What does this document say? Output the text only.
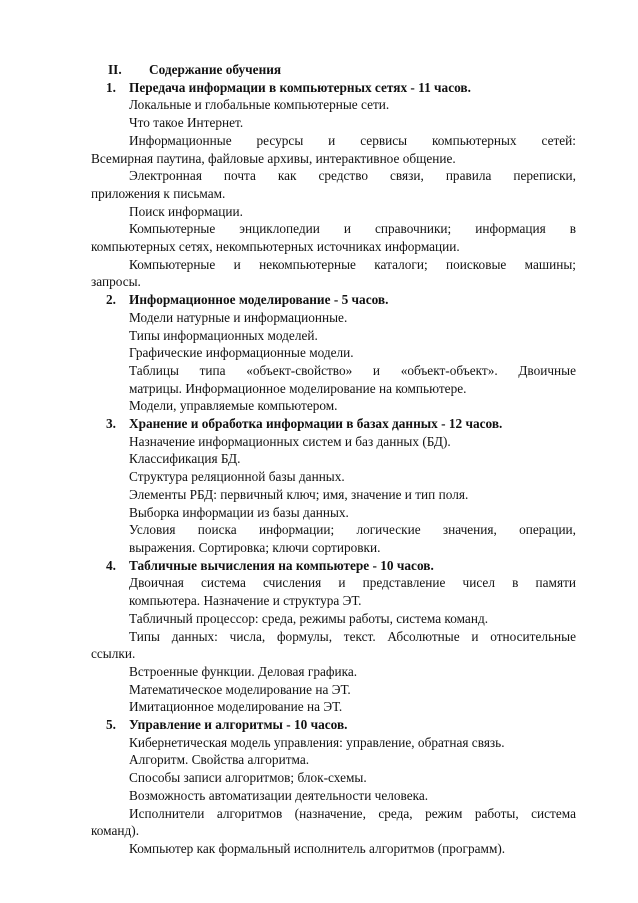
II. Содержание обучения
1. Передача информации в компьютерных сетях - 11 часов.
Локальные и глобальные компьютерные сети.
Что такое Интернет.
Информационные ресурсы и сервисы компьютерных сетей:
Всемирная паутина, файловые архивы, интерактивное общение.
Электронная почта как средство связи, правила переписки,
приложения к письмам.
Поиск информации.
Компьютерные энциклопедии и справочники; информация в
компьютерных сетях, некомпьютерных источниках информации.
Компьютерные и некомпьютерные каталоги; поисковые машины;
запросы.
2. Информационное моделирование - 5 часов.
Модели натурные и информационные.
Типы информационных моделей.
Графические информационные модели.
Таблицы типа «объект-свойство» и «объект-объект». Двоичные
матрицы. Информационное моделирование на компьютере.
Модели, управляемые компьютером.
3. Хранение и обработка информации в базах данных - 12 часов.
Назначение информационных систем и баз данных (БД).
Классификация БД.
Структура реляционной базы данных.
Элементы РБД: первичный ключ; имя, значение и тип поля.
Выборка информации из базы данных.
Условия поиска информации; логические значения, операции,
выражения. Сортировка; ключи сортировки.
4. Табличные вычисления на компьютере - 10 часов.
Двоичная система счисления и представление чисел в памяти
компьютера. Назначение и структура ЭТ.
Табличный процессор: среда, режимы работы, система команд.
Типы данных: числа, формулы, текст. Абсолютные и относительные
ссылки.
Встроенные функции. Деловая графика.
Математическое моделирование на ЭТ.
Имитационное моделирование на ЭТ.
5. Управление и алгоритмы - 10 часов.
Кибернетическая модель управления: управление, обратная связь.
Алгоритм. Свойства алгоритма.
Способы записи алгоритмов; блок-схемы.
Возможность автоматизации деятельности человека.
Исполнители алгоритмов (назначение, среда, режим работы, система
команд).
Компьютер как формальный исполнитель алгоритмов (программ).
